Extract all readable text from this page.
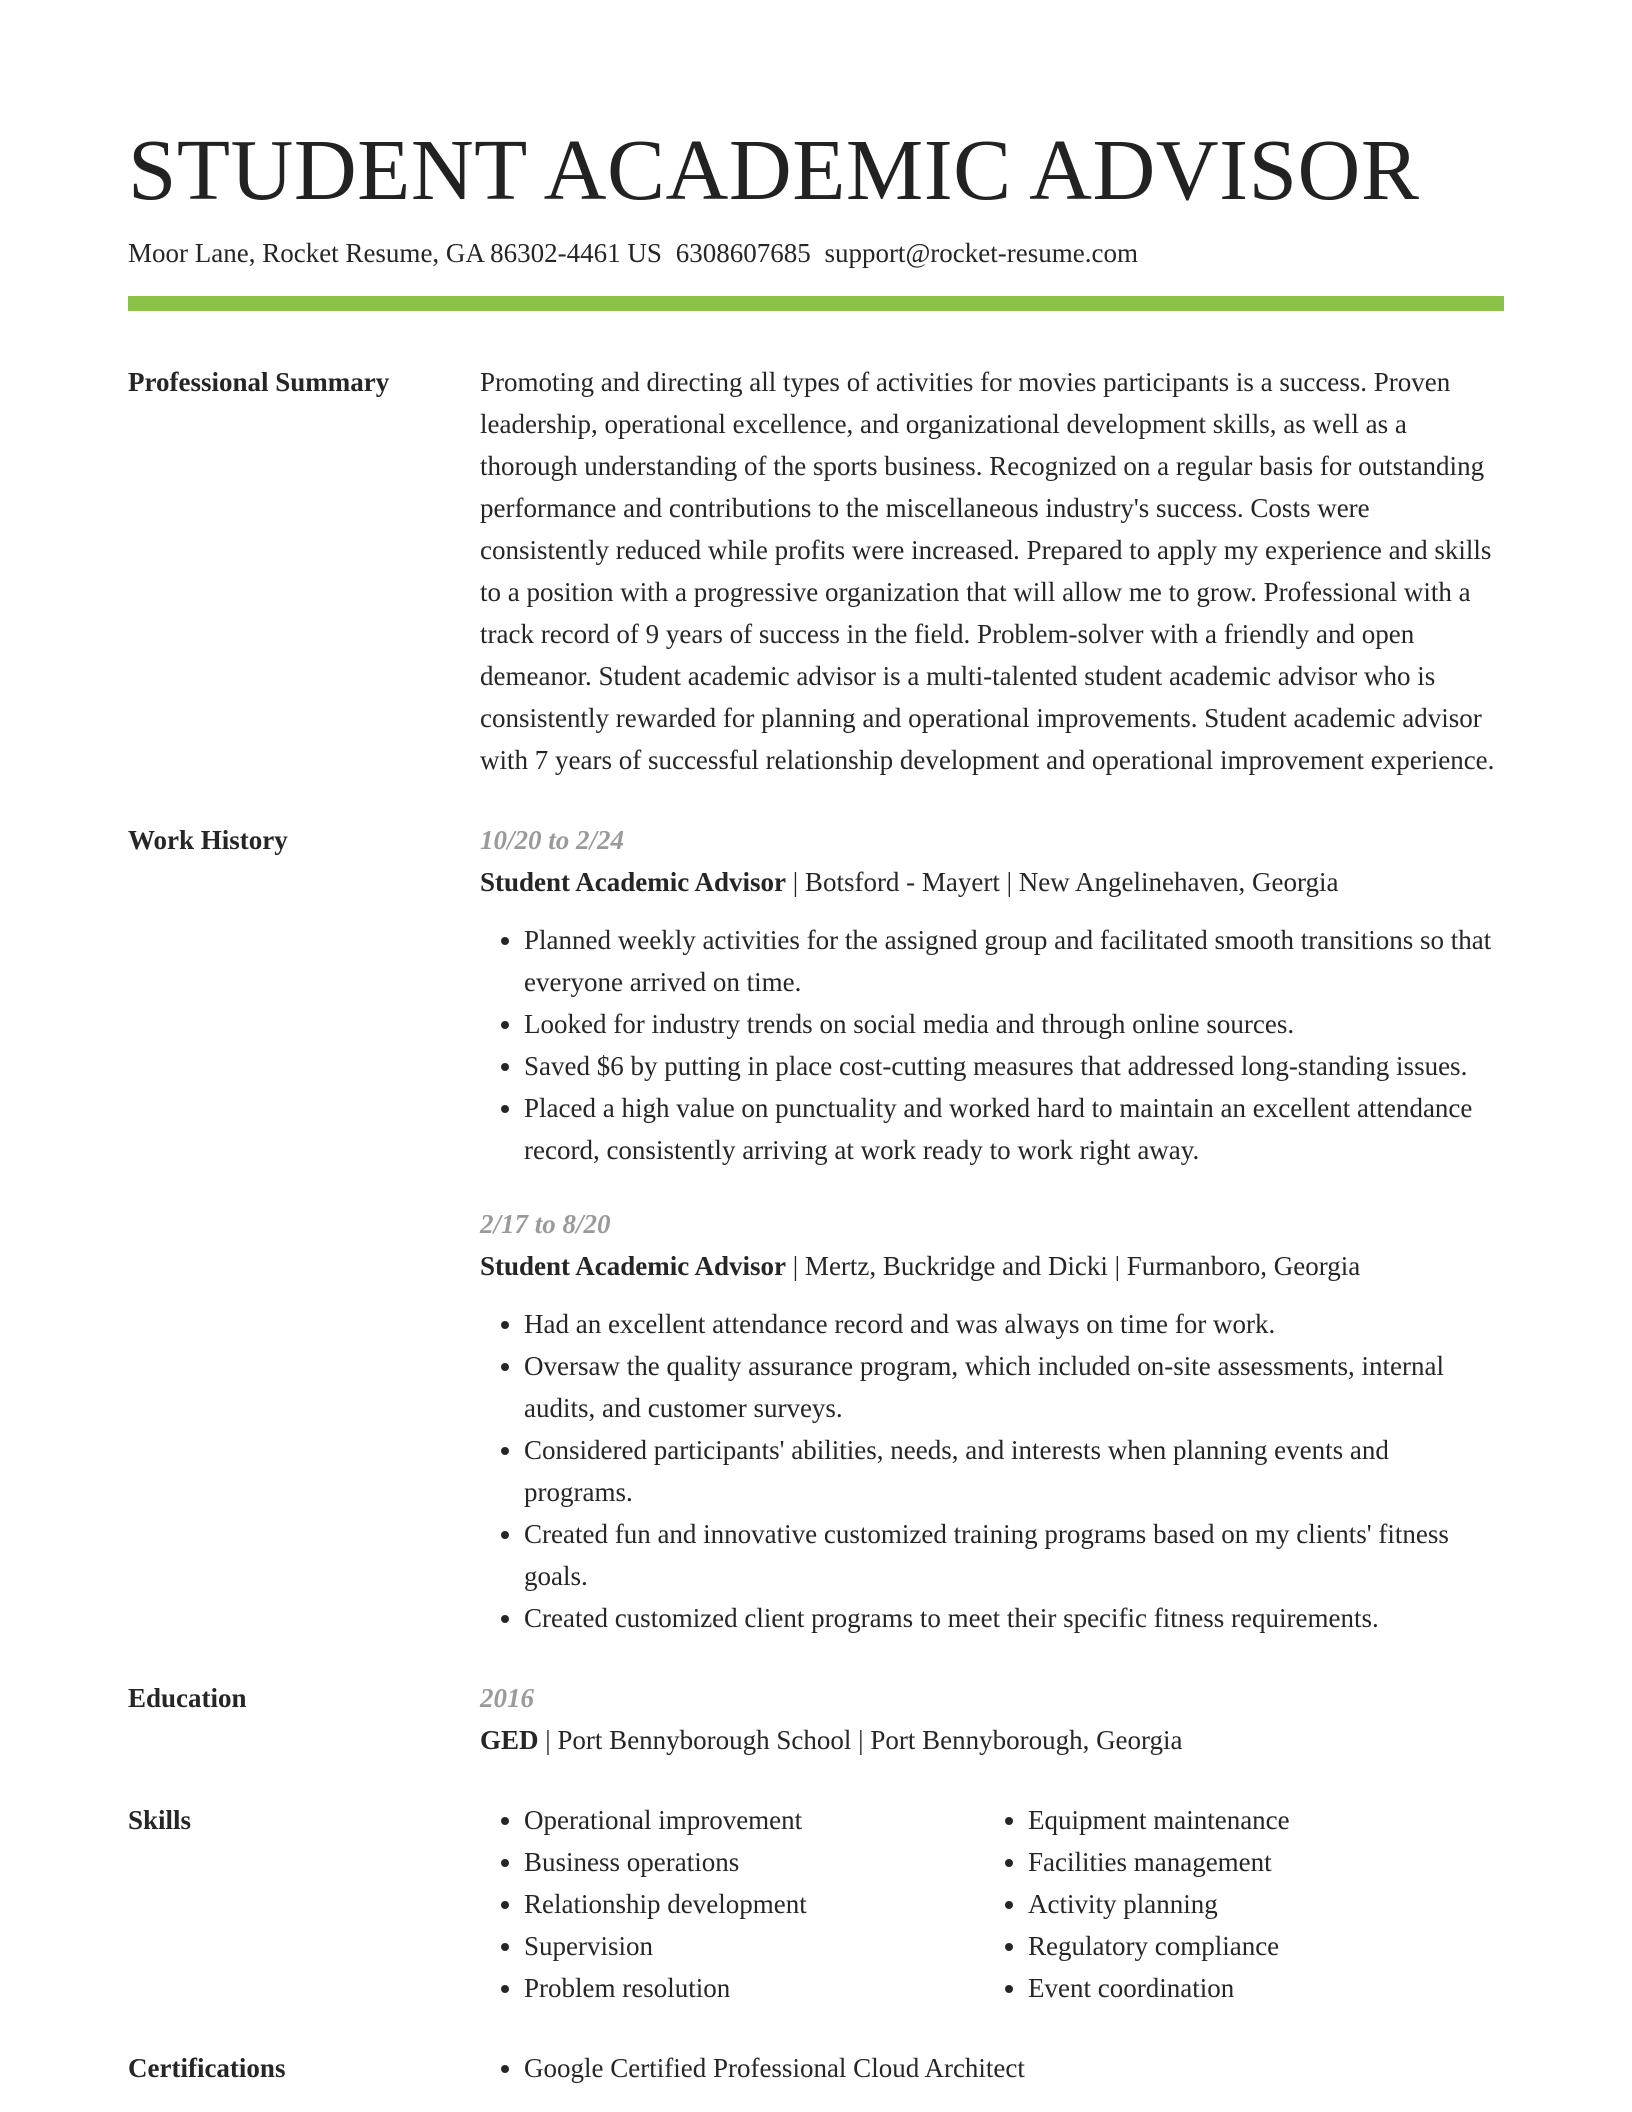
STUDENT ACADEMIC ADVISOR
Moor Lane, Rocket Resume, GA 86302-4461 US 6308607685 support@rocket-resume.com
Professional Summary	Promoting and directing all types of activities for movies participants is a success. Proven leadership, operational excellence, and organizational development skills, as well as a thorough understanding of the sports business. Recognized on a regular basis for outstanding performance and contributions to the miscellaneous industry's success. Costs were consistently reduced while profits were increased. Prepared to apply my experience and skills to a position with a progressive organization that will allow me to grow. Professional with a track record of 9 years of success in the field. Problem-solver with a friendly and open demeanor. Student academic advisor is a multi-talented student academic advisor who is consistently rewarded for planning and operational improvements. Student academic advisor with 7 years of successful relationship development and operational improvement experience.

Work History	10/20 to 2/24
Student Academic Advisor | Botsford - Mayert | New Angelinehaven, Georgia
• Planned weekly activities for the assigned group and facilitated smooth transitions so that everyone arrived on time.
• Looked for industry trends on social media and through online sources.
• Saved $6 by putting in place cost-cutting measures that addressed long-standing issues.
• Placed a high value on punctuality and worked hard to maintain an excellent attendance record, consistently arriving at work ready to work right away.
2/17 to 8/20
Student Academic Advisor | Mertz, Buckridge and Dicki | Furmanboro, Georgia
• Had an excellent attendance record and was always on time for work.
• Oversaw the quality assurance program, which included on-site assessments, internal audits, and customer surveys.
• Considered participants' abilities, needs, and interests when planning events and programs.
• Created fun and innovative customized training programs based on my clients' fitness goals.
• Created customized client programs to meet their specific fitness requirements.
Education	2016
GED | Port Bennyborough School | Port Bennyborough, Georgia
Skills	• Operational improvement
• Business operations
• Relationship development
• Supervision
• Problem resolution
• Equipment maintenance
• Facilities management
• Activity planning
• Regulatory compliance
• Event coordination
Certifications	• Google Certified Professional Cloud Architect
